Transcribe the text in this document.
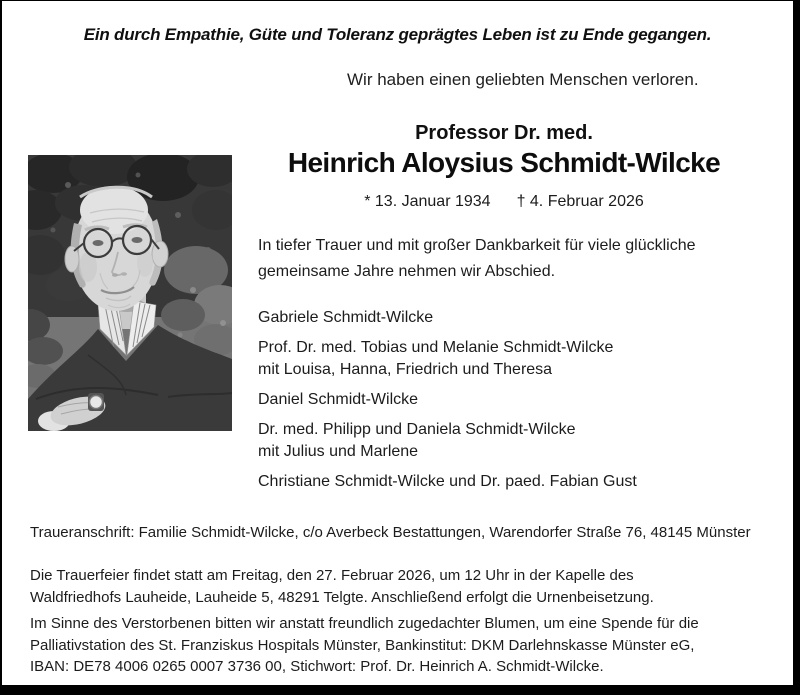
Ein durch Empathie, Güte und Toleranz geprägtes Leben ist zu Ende gegangen.
Wir haben einen geliebten Menschen verloren.
Professor Dr. med.
Heinrich Aloysius Schmidt-Wilcke
* 13. Januar 1934 † 4. Februar 2026
In tiefer Trauer und mit großer Dankbarkeit für viele glückliche
gemeinsame Jahre nehmen wir Abschied.
Gabriele Schmidt-Wilcke
Prof. Dr. med. Tobias und Melanie Schmidt-Wilcke
mit Louisa, Hanna, Friedrich und Theresa
Daniel Schmidt-Wilcke
Dr. med. Philipp und Daniela Schmidt-Wilcke
mit Julius und Marlene
Christiane Schmidt-Wilcke und Dr. paed. Fabian Gust
Traueranschrift: Familie Schmidt-Wilcke, c/o Averbeck Bestattungen, Warendorfer Straße 76, 48145 Münster
Die Trauerfeier findet statt am Freitag, den 27. Februar 2026, um 12 Uhr in der Kapelle des
Waldfriedhofs Lauheide, Lauheide 5, 48291 Telgte. Anschließend erfolgt die Urnenbeisetzung.
Im Sinne des Verstorbenen bitten wir anstatt freundlich zugedachter Blumen, um eine Spende für die
Palliativstation des St. Franziskus Hospitals Münster, Bankinstitut: DKM Darlehnskasse Münster eG,
IBAN: DE78 4006 0265 0007 3736 00, Stichwort: Prof. Dr. Heinrich A. Schmidt-Wilcke.
